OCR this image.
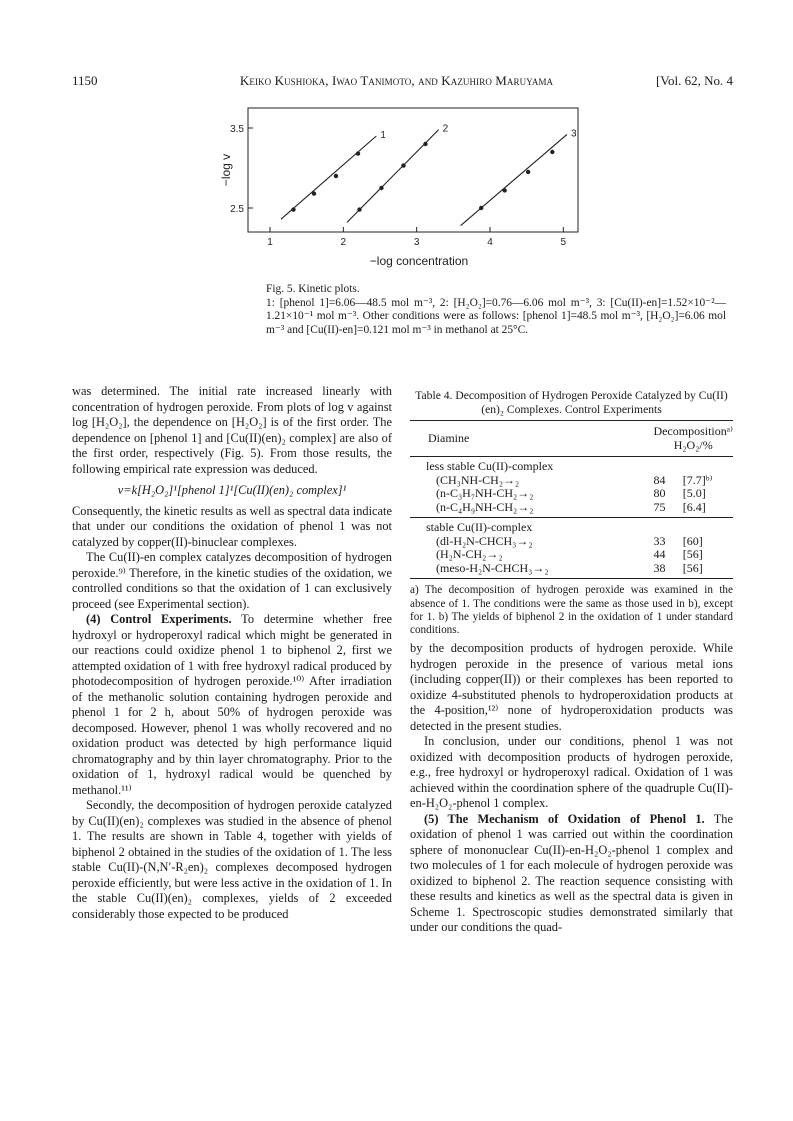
1150	Keiko Kushioka, Iwao Tanimoto, and Kazuhiro Maruyama	[Vol. 62, No. 4
1	2	3	4	5
2.5
3.5
−log concentration
−log v
1
2	3
Fig. 5. Kinetic plots.
1: [phenol 1]=6.06—48.5 mol m⁻³, 2: [H₂O₂]=0.76—6.06 mol m⁻³, 3: [Cu(II)-en]=1.52×10⁻²—1.21×10⁻¹ mol m⁻³. Other conditions were as follows: [phenol 1]=48.5 mol m⁻³, [H₂O₂]=6.06 mol m⁻³ and [Cu(II)-en]=0.121 mol m⁻³ in methanol at 25°C.

was determined. The initial rate increased linearly with concentration of hydrogen peroxide. From plots of log v against log [H₂O₂], the dependence on [H₂O₂] is of the first order. The dependence on [phenol 1] and [Cu(II)(en)₂ complex] are also of the first order, respectively (Fig. 5). From those results, the following empirical rate expression was deduced.

v=k[H₂O₂]¹[phenol 1]¹[Cu(II)(en)₂ complex]¹

Consequently, the kinetic results as well as spectral data indicate that under our conditions the oxidation of phenol 1 was not catalyzed by copper(II)-binuclear complexes.

The Cu(II)-en complex catalyzes decomposition of hydrogen peroxide.⁹⁾ Therefore, in the kinetic studies of the oxidation, we controlled conditions so that the oxidation of 1 can exclusively proceed (see Experimental section).

(4) Control Experiments. To determine whether free hydroxyl or hydroperoxyl radical which might be generated in our reactions could oxidize phenol 1 to biphenol 2, first we attempted oxidation of 1 with free hydroxyl radical produced by photodecomposition of hydrogen peroxide.¹⁰⁾ After irradiation of the methanolic solution containing hydrogen peroxide and phenol 1 for 2 h, about 50% of hydrogen peroxide was decomposed. However, phenol 1 was wholly recovered and no oxidation product was detected by high performance liquid chromatography and by thin layer chromatography. Prior to the oxidation of 1, hydroxyl radical would be quenched by methanol.¹¹⁾

Secondly, the decomposition of hydrogen peroxide catalyzed by Cu(II)(en)₂ complexes was studied in the absence of phenol 1. The results are shown in Table 4, together with yields of biphenol 2 obtained in the studies of the oxidation of 1. The less stable Cu(II)-(N,N′-R₂en)₂ complexes decomposed hydrogen peroxide efficiently, but were less active in the oxidation of 1. In the stable Cu(II)(en)₂ complexes, yields of 2 exceeded considerably those expected to be produced

Table 4. Decomposition of Hydrogen Peroxide Catalyzed by Cu(II)(en)₂ Complexes. Control Experiments
Diamine	Decompositionᵃ⁾
H₂O₂/%	

less stable Cu(II)-complex		
(CH₃NH-CH₂→₂	84	[7.7]ᵇ⁾
(n-C₃H₇NH-CH₂→₂	80	[5.0]
(n-C₄H₉NH-CH₂→₂	75	[6.4]
stable Cu(II)-complex		
(dl-H₂N-CHCH₃→₂	33	[60]
(H₂N-CH₂→₂	44	[56]
(meso-H₂N-CHCH₃→₂	38	[56]
a) The decomposition of hydrogen peroxide was examined in the absence of 1. The conditions were the same as those used in b), except for 1. b) The yields of biphenol 2 in the oxidation of 1 under standard conditions.

by the decomposition products of hydrogen peroxide. While hydrogen peroxide in the presence of various metal ions (including copper(II)) or their complexes has been reported to oxidize 4-substituted phenols to hydroperoxidation products at the 4-position,¹²⁾ none of hydroperoxidation products was detected in the present studies.

In conclusion, under our conditions, phenol 1 was not oxidized with decomposition products of hydrogen peroxide, e.g., free hydroxyl or hydroperoxyl radical. Oxidation of 1 was achieved within the coordination sphere of the quadruple Cu(II)-en-H₂O₂-phenol 1 complex.

(5) The Mechanism of Oxidation of Phenol 1. The oxidation of phenol 1 was carried out within the coordination sphere of mononuclear Cu(II)-en-H₂O₂-phenol 1 complex and two molecules of 1 for each molecule of hydrogen peroxide was oxidized to biphenol 2. The reaction sequence consisting with these results and kinetics as well as the spectral data is given in Scheme 1. Spectroscopic studies demonstrated similarly that under our conditions the quad-
